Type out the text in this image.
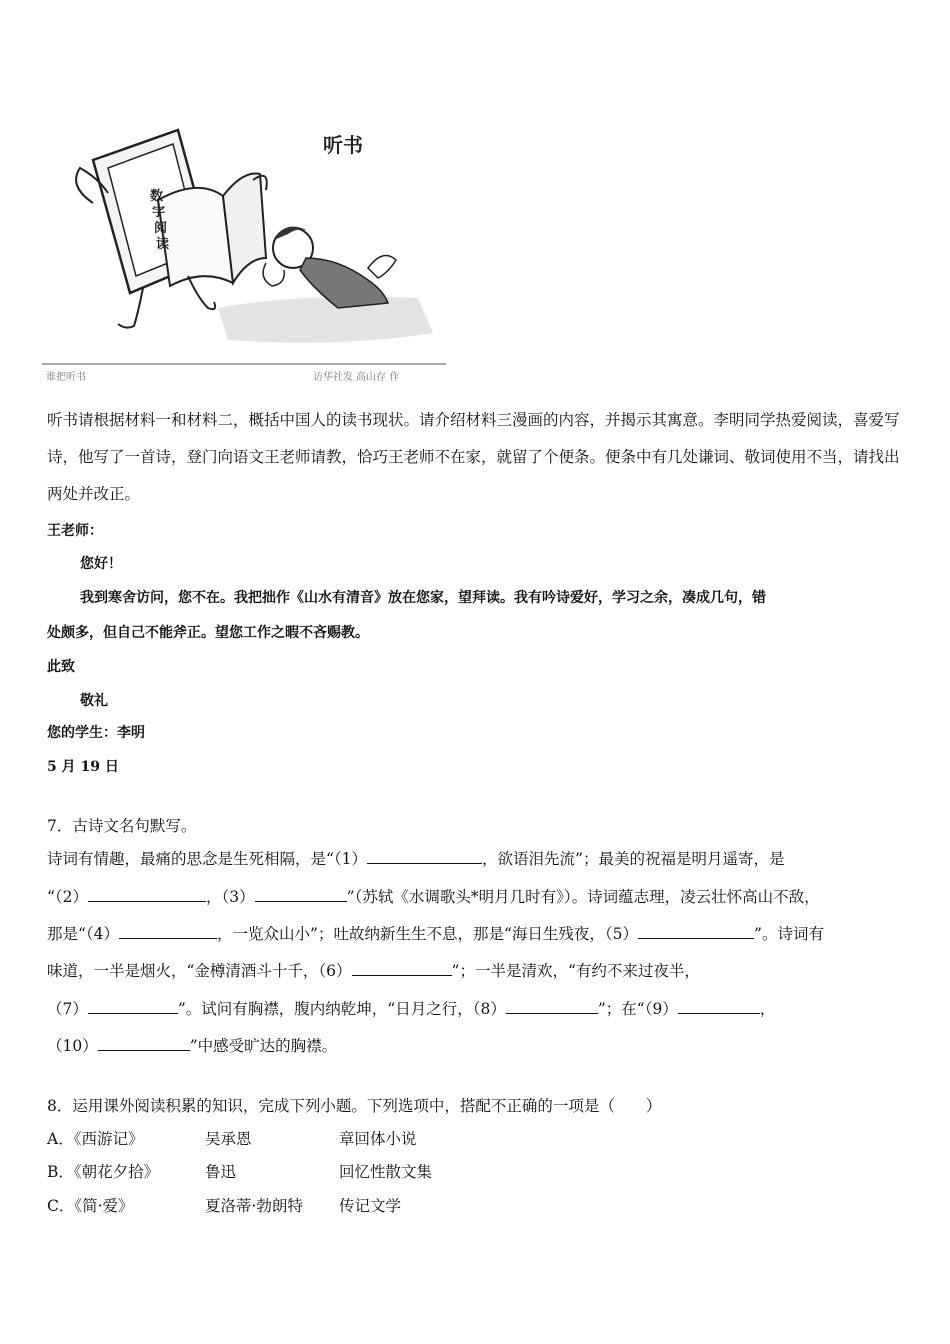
听书
数
字
阅
读
谁把听书	访华社发 高山存 作
听书请根据材料一和材料二，概括中国人的读书现状。请介绍材料三漫画的内容，并揭示其寓意。李明同学热爱阅读，喜爱写诗，他写了一首诗，登门向语文王老师请教，恰巧王老师不在家，就留了个便条。便条中有几处谦词、敬词使用不当，请找出两处并改正。
王老师：
您好！
我到寒舍访问，您不在。我把拙作《山水有清音》放在您家，望拜读。我有吟诗爱好，学习之余，凑成几句，错
处颇多，但自己不能斧正。望您工作之暇不吝赐教。
此致
敬礼
您的学生：李明
5 月 19 日
7．古诗文名句默写。
诗词有情趣，最痛的思念是生死相隔，是“（1）	，欲语泪先流”；最美的祝福是明月遥寄，是
“（2）	，（3）	”（苏轼《水调歌头*明月几时有》）。诗词蕴志理，凌云壮怀高山不敌，
那是“（4）	，一览众山小”；吐故纳新生生不息，那是“海日生残夜，（5）	”。诗词有
味道，一半是烟火，“金樽清酒斗十千，（6）	”；一半是清欢，“有约不来过夜半，
（7）	”。试问有胸襟，腹内纳乾坤，“日月之行，（8）	”；在“（9）	，
（10）	”中感受旷达的胸襟。
8．运用课外阅读积累的知识，完成下列小题。下列选项中，搭配不正确的一项是（　　）
A．《西游记》	吴承恩	章回体小说
B．《朝花夕拾》	鲁迅	回忆性散文集
C．《简·爱》	夏洛蒂·勃朗特 传记文学
